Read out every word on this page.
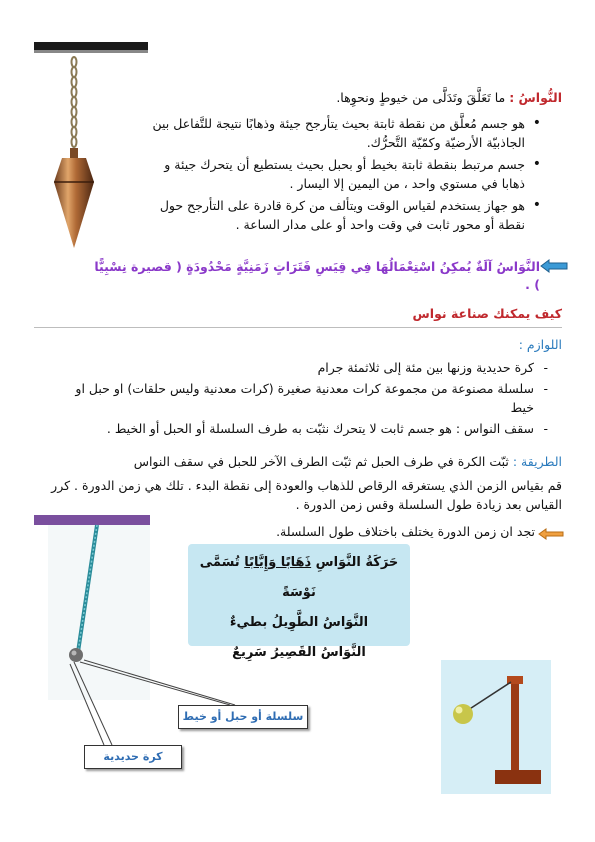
النُّواسُ : ما تَعَلَّقَ وتَدَلَّى من خيوطٍ ونحوِها.
• هو جسم مُعلَّق من نقطة ثابتة بحيث يتأرجح جيئة وذهابًا نتيجة للتَّفاعل بين الجاذبيّة الأرضيّة وكمّيّة التَّحرُّك.
• جسم مرتبط بنقطة ثابتة بخيط أو بحبل بحيث يستطيع أن يتحرك جيئة و ذهابا في مستوي واحد ، من اليمين إلا اليسار .
• هو جهاز يستخدم لقياس الوقت ويتألف من كرة قادرة على التأرجح حول نقطة أو محور ثابت في وقت واحد أو على مدار الساعة .
النَّوَاسُ آلَةٌ يُمكِنُ اسْتِعْمَالُهَا فِي قِيَسِ فَتَرَاتٍ زَمَنِيَّةٍ مَحْدُودَةٍ ( قصيرة نِسْبِيًّا ) .
كيف يمكنك صناعة نواس
اللوازم :
- كرة حديدية وزنها بين مئة إلى ثلاثمئة جرام
- سلسلة مصنوعة من مجموعة كرات معدنية صغيرة (كرات معدنية وليس حلقات) او حبل او خيط
- سقف النواس : هو جسم ثابت لا يتحرك نثبّت به طرف السلسلة أو الحبل أو الخيط .
الطريقة : ثبّت الكرة في طرف الحبل ثم ثبّت الطرف الآخر للحبل في سقف النواس
قم بقياس الزمن الذي يستغرقه الرقاص للذهاب والعودة إلى نقطة البدء . تلك هي زمن الدورة . كرر القياس بعد زيادة طول السلسلة وقس زمن الدورة .
تجد ان زمن الدورة يختلف باختلاف طول السلسلة.
حَرَكَةُ النَّوَاسِ ذَهَابًا وَإِيَّابًا تُسَمَّى نَوْسَةً
النَّوَاسُ الطَّوِيلُ بطيءٌ
النَّوَاسُ القَصِيرُ سَرِيعٌ
سلسلة أو حبل أو خيط
كرة حديدية
